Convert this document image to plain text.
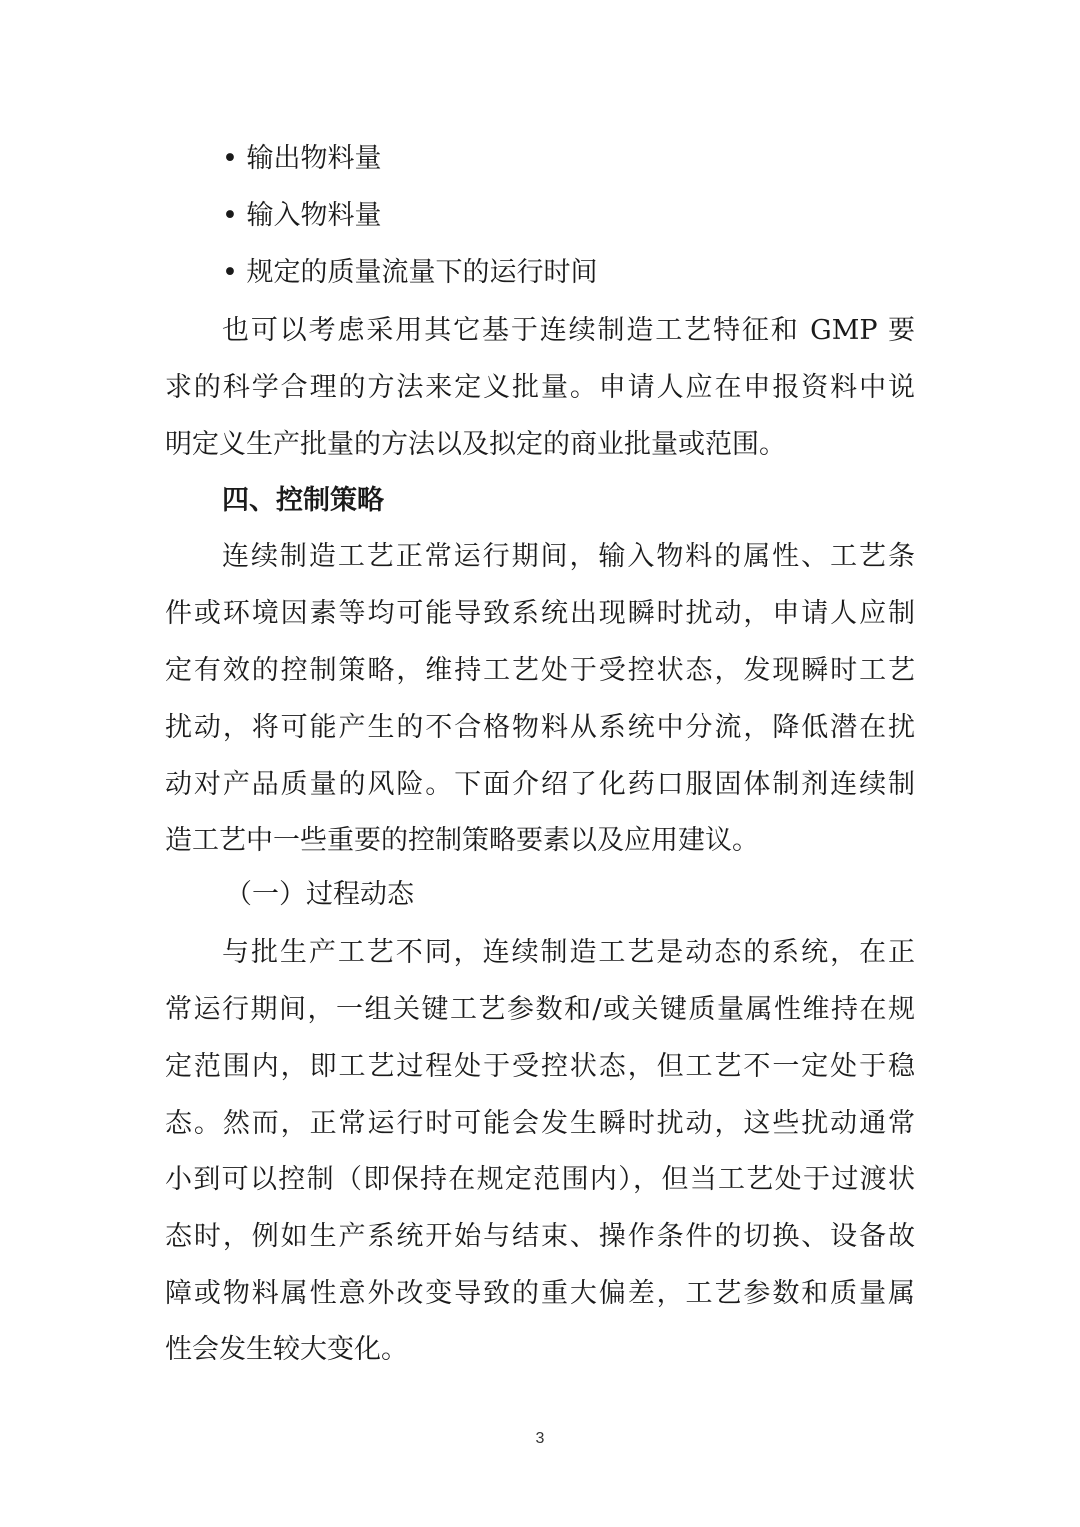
• 输出物料量
• 输入物料量
• 规定的质量流量下的运行时间
也可以考虑采用其它基于连续制造工艺特征和 GMP 要
求的科学合理的方法来定义批量。申请人应在申报资料中说
明定义生产批量的方法以及拟定的商业批量或范围。
四、控制策略
连续制造工艺正常运行期间，输入物料的属性、工艺条
件或环境因素等均可能导致系统出现瞬时扰动，申请人应制
定有效的控制策略，维持工艺处于受控状态，发现瞬时工艺
扰动，将可能产生的不合格物料从系统中分流，降低潜在扰
动对产品质量的风险。下面介绍了化药口服固体制剂连续制
造工艺中一些重要的控制策略要素以及应用建议。
（一）过程动态
与批生产工艺不同，连续制造工艺是动态的系统，在正
常运行期间，一组关键工艺参数和/或关键质量属性维持在规
定范围内，即工艺过程处于受控状态，但工艺不一定处于稳
态。然而，正常运行时可能会发生瞬时扰动，这些扰动通常
小到可以控制（即保持在规定范围内），但当工艺处于过渡状
态时，例如生产系统开始与结束、操作条件的切换、设备故
障或物料属性意外改变导致的重大偏差，工艺参数和质量属
性会发生较大变化。
3
